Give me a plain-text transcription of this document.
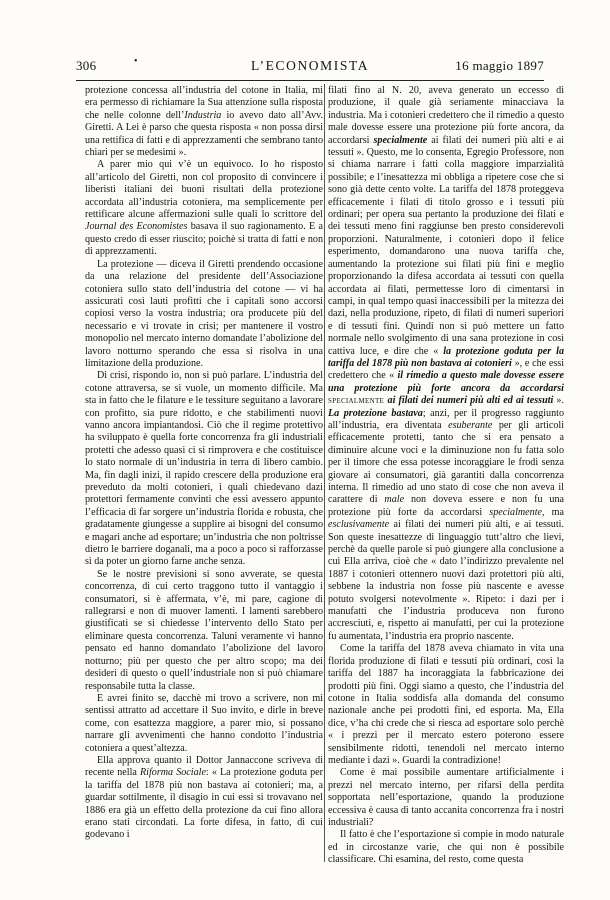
306	•	L’ECONOMISTA	16 maggio 1897

protezione concessa all’industria del cotone in Italia, mi era permesso di richiamare la Sua attenzione sulla risposta che nelle colonne dell’Industria io avevo dato all’Avv. Giretti. A Lei è parso che questa risposta « non possa dirsi una rettifica di fatti e di apprezzamenti che sembrano tanto chiari per se medesimi ».

A parer mio qui v’è un equivoco. Io ho risposto all’articolo del Giretti, non col proposito di convincere i liberisti italiani dei buoni risultati della protezione accordata all’industria cotoniera, ma semplicemente per rettificare alcune affermazioni sulle quali lo scrittore del Journal des Economistes basava il suo ragionamento. E a questo credo di esser riuscito; poichè si tratta di fatti e non di apprezzamenti.

La protezione — diceva il Giretti prendendo occasione da una relazione del presidente dell’Associazione cotoniera sullo stato dell’industria del cotone — vi ha assicurati così lauti profitti che i capitali sono accorsi copiosi verso la vostra industria; ora producete più del necessario e vi trovate in crisi; per mantenere il vostro monopolio nel mercato interno domandate l’abolizione del lavoro notturno sperando che essa si risolva in una limitazione della produzione.

Di crisi, rispondo io, non si può parlare. L’industria del cotone attraversa, se si vuole, un momento difficile. Ma sta in fatto che le filature e le tessiture seguitano a lavorare con profitto, sia pure ridotto, e che stabilimenti nuovi vanno ancora impiantandosi. Ciò che il regime protettivo ha sviluppato è quella forte concorrenza fra gli industriali protetti che adesso quasi ci si rimprovera e che costituisce lo stato normale di un’industria in terra di libero cambio. Ma, fin dagli inizi, il rapido crescere della produzione era preveduto da molti cotonieri, i quali chiedevano dazi protettori fermamente convinti che essi avessero appunto l’efficacia di far sorgere un’industria florida e robusta, che gradatamente giungesse a supplire ai bisogni del consumo e magari anche ad esportare; un’industria che non poltrisse dietro le barriere doganali, ma a poco a poco si rafforzasse sì da poter un giorno farne anche senza.

Se le nostre previsioni si sono avverate, se questa concorrenza, di cui certo traggono tutto il vantaggio i consumatori, si è affermata, v’è, mi pare, cagione di rallegrarsi e non di muover lamenti. I lamenti sarebbero giustificati se si chiedesse l’intervento dello Stato per eliminare questa concorrenza. Taluni veramente vi hanno pensato ed hanno domandato l’abolizione del lavoro notturno; più per questo che per altro scopo; ma dei desideri di questo o quell’industriale non si può chiamare responsabile tutta la classe.

E avrei finito se, dacchè mi trovo a scrivere, non mi sentissi attratto ad accettare il Suo invito, e dirle in breve come, con esattezza maggiore, a parer mio, si possano narrare gli avvenimenti che hanno condotto l’industria cotoniera a quest’altezza.

Ella approva quanto il Dottor Jannaccone scriveva di recente nella Riforma Sociale: « La protezione goduta per la tariffa del 1878 più non bastava ai cotonieri; ma, a guardar sottilmente, il disagio in cui essi si trovavano nel 1886 era già un effetto della protezione da cui fino allora erano stati circondati. La forte difesa, in fatto, di cui godevano i

filati fino al N. 20, aveva generato un eccesso di produzione, il quale già seriamente minacciava la industria. Ma i cotonieri credettero che il rimedio a questo male dovesse essere una protezione più forte ancora, da accordarsi specialmente ai filati dei numeri più alti e ai tessuti ». Questo, me lo consenta, Egregio Professore, non si chiama narrare i fatti colla maggiore imparzialità possibile; e l’inesattezza mi obbliga a ripetere cose che si sono già dette cento volte. La tariffa del 1878 proteggeva efficacemente i filati di titolo grosso e i tessuti più ordinari; per opera sua pertanto la produzione dei filati e dei tessuti meno fini raggiunse ben presto considerevoli proporzioni. Naturalmente, i cotonieri dopo il felice esperimento, domandarono una nuova tariffa che, aumentando la protezione sui filati più fini e meglio proporzionando la difesa accordata ai tessuti con quella accordata ai filati, permettesse loro di cimentarsi in campi, in qual tempo quasi inaccessibili per la mitezza dei dazi, nella produzione, ripeto, di filati di numeri superiori e di tessuti fini. Quindi non si può mettere un fatto normale nello svolgimento di una sana protezione in così cattiva luce, e dire che « la protezione goduta per la tariffa del 1878 più non bastava ai cotonieri », e che essi credettero che « il rimedio a questo male dovesse essere una protezione più forte ancora da accordarsi specialmente ai filati dei numeri più alti ed ai tessuti ». La protezione bastava; anzi, per il progresso raggiunto all’industria, era diventata esuberante per gli articoli efficacemente protetti, tanto che si era pensato a diminuire alcune voci e la diminuzione non fu fatta solo per il timore che essa potesse incoraggiare le frodi senza giovare ai consumatori, già garantiti dalla concorrenza interna. Il rimedio ad uno stato di cose che non aveva il carattere di male non doveva essere e non fu una protezione più forte da accordarsi specialmente, ma esclusivamente ai filati dei numeri più alti, e ai tessuti. Son queste inesattezze di linguaggio tutt’altro che lievi, perchè da quelle parole si può giungere alla conclusione a cui Ella arriva, cioè che « dato l’indirizzo prevalente nel 1887 i cotonieri ottennero nuovi dazi protettori più alti, sebbene la industria non fosse più nascente e avesse potuto svolgersi notevolmente ». Ripeto: i dazi per i manufatti che l’industria produceva non furono accresciuti, e, rispetto ai manufatti, per cui la protezione fu aumentata, l’industria era proprio nascente.

Come la tariffa del 1878 aveva chiamato in vita una florida produzione di filati e tessuti più ordinari, così la tariffa del 1887 ha incoraggiata la fabbricazione dei prodotti più fini. Oggi siamo a questo, che l’industria del cotone in Italia soddisfa alla domanda del consumo nazionale anche pei prodotti fini, ed esporta. Ma, Ella dice, v’ha chi crede che si riesca ad esportare solo perchè « i prezzi per il mercato estero poterono essere sensibilmente ridotti, tenendoli nel mercato interno mediante i dazi ». Guardi la contradizione!

Come è mai possibile aumentare artificialmente i prezzi nel mercato interno, per rifarsi della perdita sopportata nell’esportazione, quando la produzione eccessiva è causa di tanto accanita concorrenza fra i nostri industriali?

Il fatto è che l’esportazione si compie in modo naturale ed in circostanze varie, che qui non è possibile classificare. Chi esamina, del resto, come questa
